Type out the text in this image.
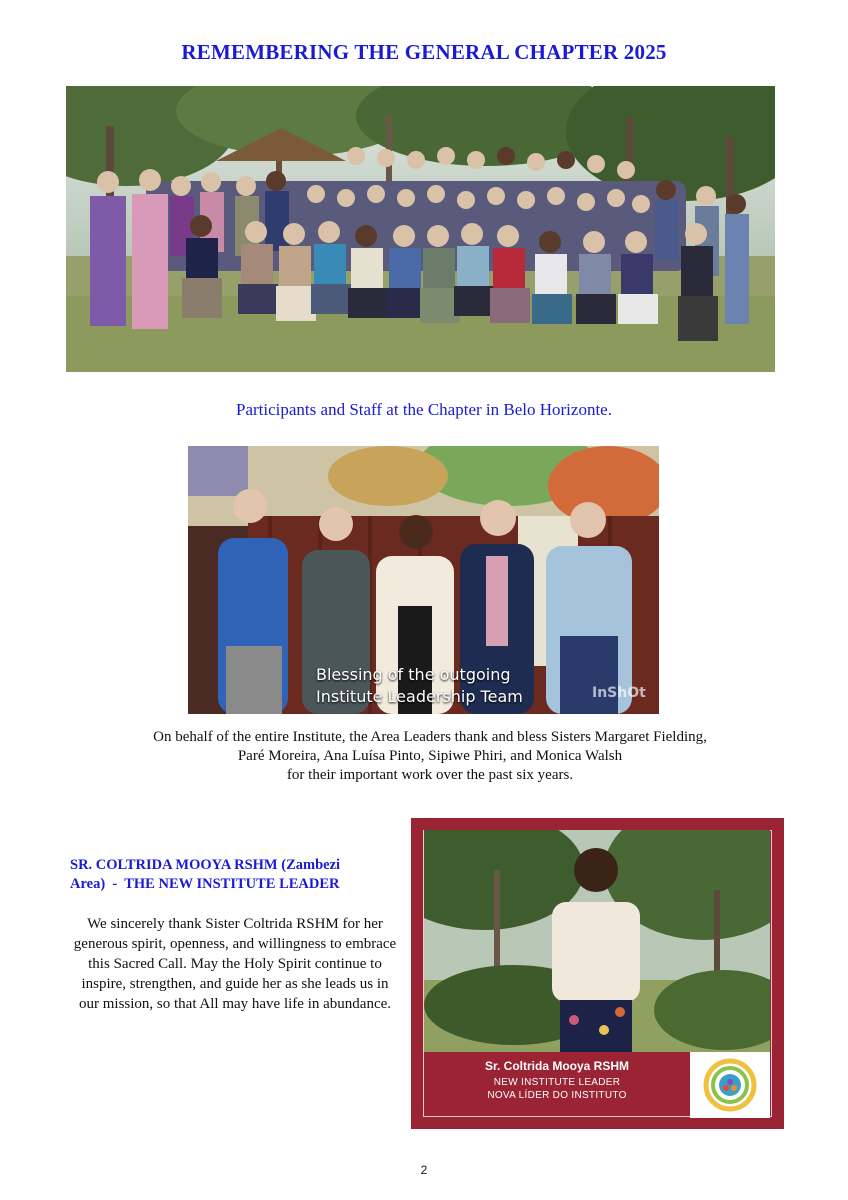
REMEMBERING THE GENERAL CHAPTER 2025
Participants and Staff at the Chapter in Belo Horizonte.
Blessing of the outgoing
Institute Leadership Team	InShOt
On behalf of the entire Institute, the Area Leaders thank and bless Sisters Margaret Fielding,
Paré Moreira, Ana Luísa Pinto, Sipiwe Phiri, and Monica Walsh
for their important work over the past six years.
SR. COLTRIDA MOOYA RSHM (Zambezi
Area)  -  THE NEW INSTITUTE LEADER
We sincerely thank Sister Coltrida RSHM for her generous spirit, openness, and willingness to embrace this Sacred Call. May the Holy Spirit continue to inspire, strengthen, and guide her as she leads us in our mission, so that All may have life in abundance.
Sr. Coltrida Mooya RSHM
NEW INSTITUTE LEADER
NOVA LÍDER DO INSTITUTO
2
